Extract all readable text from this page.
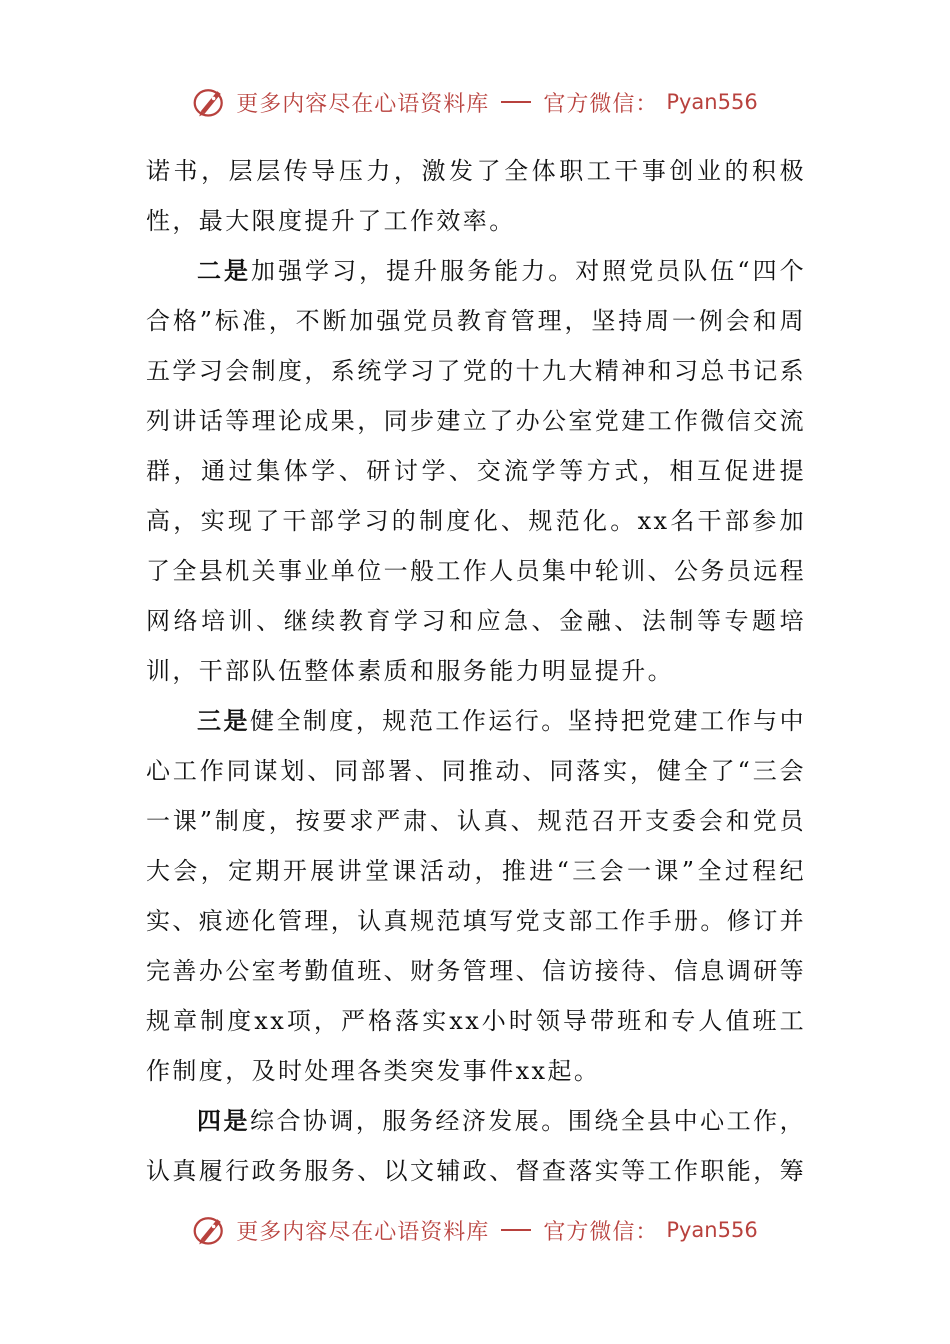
更多内容尽在心语资料库 官方微信： Pyan556

诺书，层层传导压力，激发了全体职工干事创业的积极性，最大限度提升了工作效率。

二是加强学习，提升服务能力。对照党员队伍“四个合格”标准，不断加强党员教育管理，坚持周一例会和周五学习会制度，系统学习了党的十九大精神和习总书记系列讲话等理论成果，同步建立了办公室党建工作微信交流群，通过集体学、研讨学、交流学等方式，相互促进提高，实现了干部学习的制度化、规范化。xx名干部参加了全县机关事业单位一般工作人员集中轮训、公务员远程网络培训、继续教育学习和应急、金融、法制等专题培训，干部队伍整体素质和服务能力明显提升。

三是健全制度，规范工作运行。坚持把党建工作与中心工作同谋划、同部署、同推动、同落实，健全了“三会一课”制度，按要求严肃、认真、规范召开支委会和党员大会，定期开展讲堂课活动，推进“三会一课”全过程纪实、痕迹化管理，认真规范填写党支部工作手册。修订并完善办公室考勤值班、财务管理、信访接待、信息调研等规章制度xx项，严格落实xx小时领导带班和专人值班工作制度，及时处理各类突发事件xx起。

四是综合协调，服务经济发展。围绕全县中心工作，认真履行政务服务、以文辅政、督查落实等工作职能，筹

更多内容尽在心语资料库 官方微信： Pyan556
